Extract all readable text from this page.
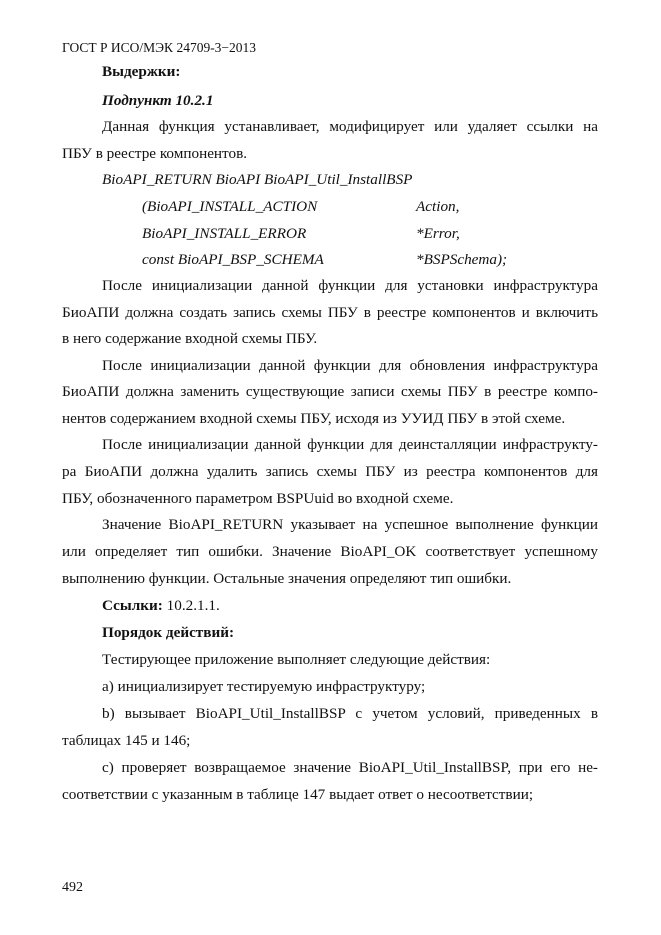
ГОСТ Р ИСО/МЭК 24709-3−2013
Выдержки:
Подпункт 10.2.1
Данная функция устанавливает, модифицирует или удаляет ссылки на
ПБУ в реестре компонентов.
BioAPI_RETURN BioAPI BioAPI_Util_InstallBSP
(BioAPI_INSTALL_ACTION	Action,
BioAPI_INSTALL_ERROR	*Error,
const BioAPI_BSP_SCHEMA	*BSPSchema);
После инициализации данной функции для установки инфраструктура
БиоАПИ должна создать запись схемы ПБУ в реестре компонентов и включить
в него содержание входной схемы ПБУ.
После инициализации данной функции для обновления инфраструктура
БиоАПИ должна заменить существующие записи схемы ПБУ в реестре компо-
нентов содержанием входной схемы ПБУ, исходя из УУИД ПБУ в этой схеме.
После инициализации данной функции для деинсталляции инфраструкту-
ра БиоАПИ должна удалить запись схемы ПБУ из реестра компонентов для
ПБУ, обозначенного параметром BSPUuid во входной схеме.
Значение BioAPI_RETURN указывает на успешное выполнение функции
или определяет тип ошибки. Значение BioAPI_OK соответствует успешному
выполнению функции. Остальные значения определяют тип ошибки.
Ссылки: 10.2.1.1.
Порядок действий:
Тестирующее приложение выполняет следующие действия:
а) инициализирует тестируемую инфраструктуру;
b) вызывает BioAPI_Util_InstallBSP с учетом условий, приведенных в
таблицах 145 и 146;
с) проверяет возвращаемое значение BioAPI_Util_InstallBSP, при его не-
соответствии с указанным в таблице 147 выдает ответ о несоответствии;
492
